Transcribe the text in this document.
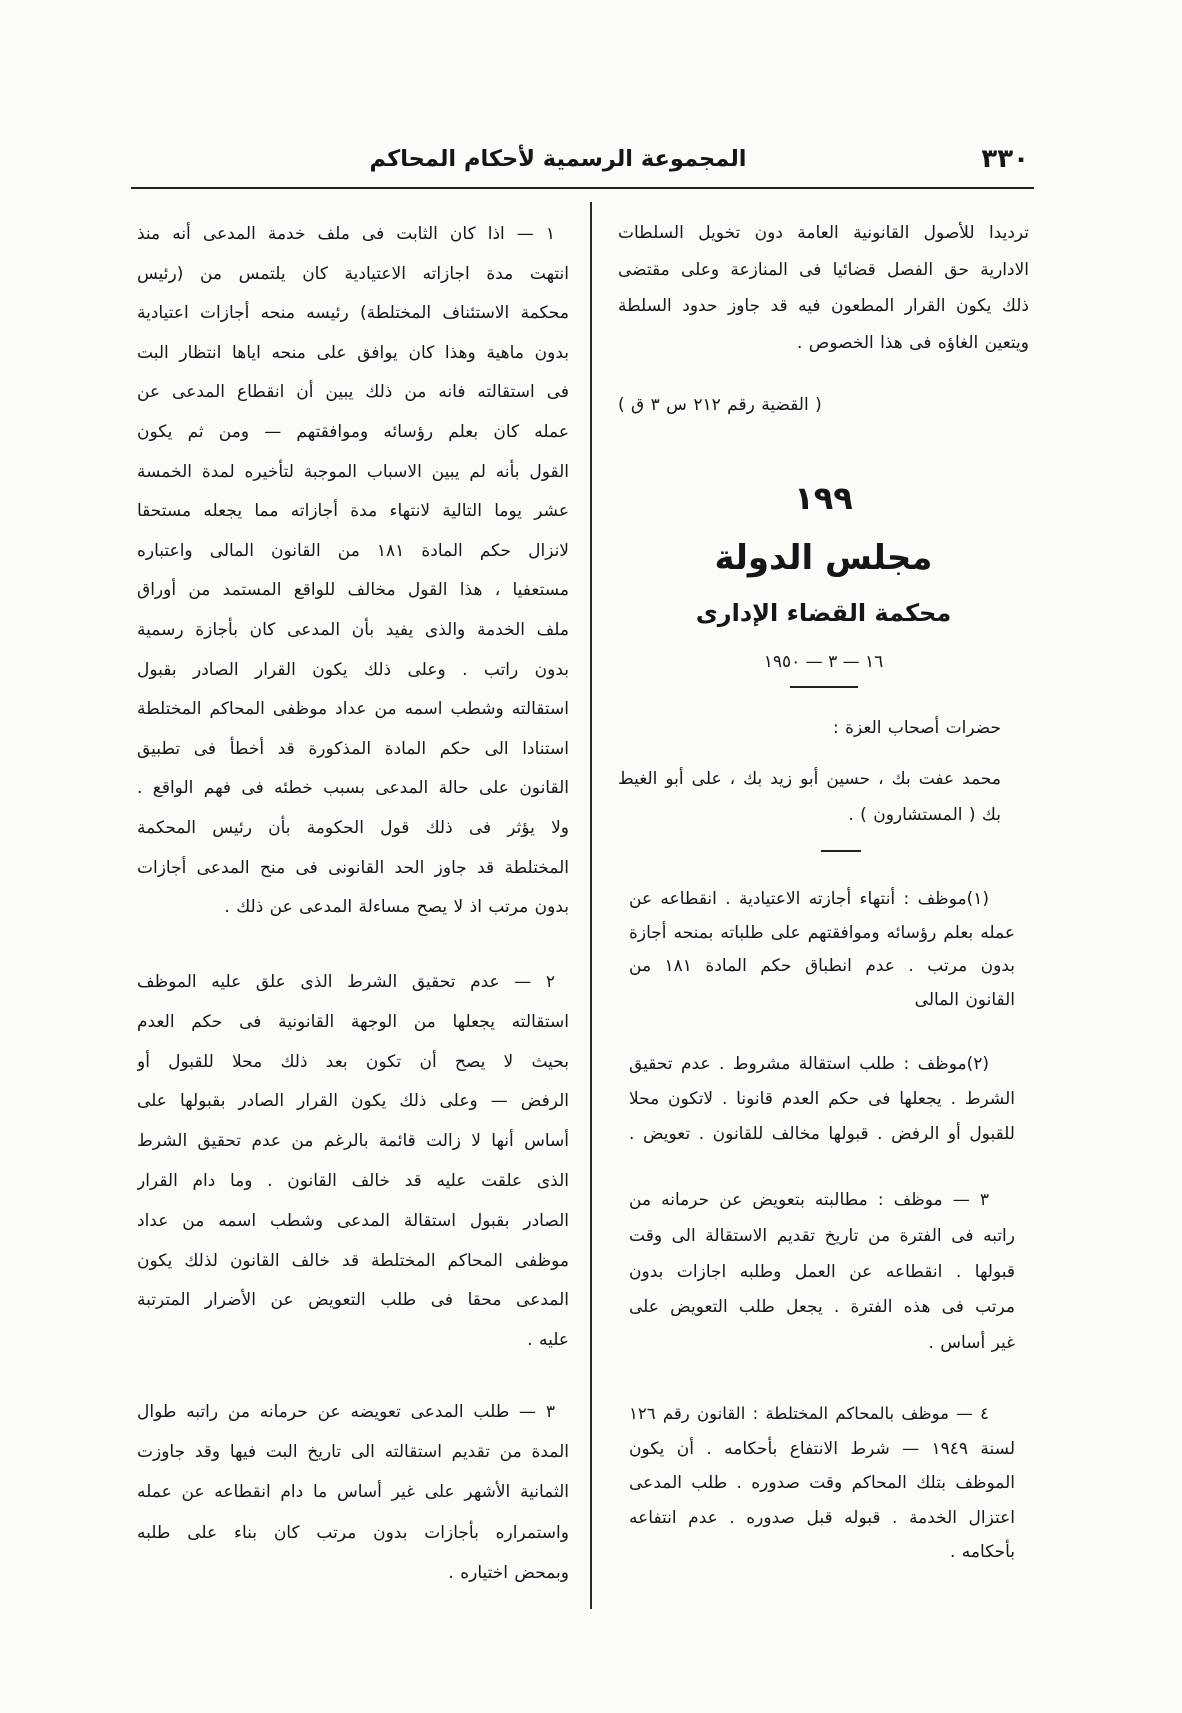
٣٣٠
المجموعة الرسمية لأحكام المحاكم
ترديدا للأصول القانونية العامة دون تخويل السلطات
الادارية حق الفصل قضائيا فى المنازعة وعلى مقتضى
ذلك يكون القرار المطعون فيه قد جاوز حدود السلطة
ويتعين الغاؤه فى هذا الخصوص .
( القضية رقم ٢١٢ س ٣ ق )
١٩٩
مجلس الدولة
محكمة القضاء الإدارى
١٦ — ٣ — ١٩٥٠
حضرات أصحاب العزة :
محمد عفت بك ، حسين أبو زيد بك ، على أبو الغيط
بك ( المستشارون ) .
(١)موظف : أنتهاء أجازته الاعتيادية . انقطاعه عن
عمله بعلم رؤسائه وموافقتهم على طلباته بمنحه أجازة
بدون مرتب . عدم انطباق حكم المادة ١٨١ من
القانون المالى
(٢)موظف : طلب استقالة مشروط . عدم تحقيق
الشرط . يجعلها فى حكم العدم قانونا . لاتكون محلا
للقبول أو الرفض . قبولها مخالف للقانون . تعويض .
٣ — موظف : مطالبته بتعويض عن حرمانه من
راتبه فى الفترة من تاريخ تقديم الاستقالة الى وقت
قبولها . انقطاعه عن العمل وطلبه اجازات بدون
مرتب فى هذه الفترة . يجعل طلب التعويض على
غير أساس .
٤ — موظف بالمحاكم المختلطة : القانون رقم ١٢٦
لسنة ١٩٤٩ — شرط الانتفاع بأحكامه . أن يكون
الموظف بتلك المحاكم وقت صدوره . طلب المدعى
اعتزال الخدمة . قبوله قبل صدوره . عدم انتفاعه
بأحكامه .
١ — اذا كان الثابت فى ملف خدمة المدعى أنه منذ
انتهت مدة اجازاته الاعتيادية كان يلتمس من (رئيس
محكمة الاستئناف المختلطة) رئيسه منحه أجازات اعتيادية
بدون ماهية وهذا كان يوافق على منحه اياها انتظار البت
فى استقالته فانه من ذلك يبين أن انقطاع المدعى عن
عمله كان بعلم رؤسائه وموافقتهم — ومن ثم يكون
القول بأنه لم يبين الاسباب الموجبة لتأخيره لمدة الخمسة
عشر يوما التالية لانتهاء مدة أجازاته مما يجعله مستحقا
لانزال حكم المادة ١٨١ من القانون المالى واعتباره
مستعفيا ، هذا القول مخالف للواقع المستمد من أوراق
ملف الخدمة والذى يفيد بأن المدعى كان بأجازة رسمية
بدون راتب . وعلى ذلك يكون القرار الصادر بقبول
استقالته وشطب اسمه من عداد موظفى المحاكم المختلطة
استنادا الى حكم المادة المذكورة قد أخطأ فى تطبيق
القانون على حالة المدعى بسبب خطئه فى فهم الواقع .
ولا يؤثر فى ذلك قول الحكومة بأن رئيس المحكمة
المختلطة قد جاوز الحد القانونى فى منح المدعى أجازات
بدون مرتب اذ لا يصح مساءلة المدعى عن ذلك .
٢ — عدم تحقيق الشرط الذى علق عليه الموظف
استقالته يجعلها من الوجهة القانونية فى حكم العدم
بحيث لا يصح أن تكون بعد ذلك محلا للقبول أو
الرفض — وعلى ذلك يكون القرار الصادر بقبولها على
أساس أنها لا زالت قائمة بالرغم من عدم تحقيق الشرط
الذى علقت عليه قد خالف القانون . وما دام القرار
الصادر بقبول استقالة المدعى وشطب اسمه من عداد
موظفى المحاكم المختلطة قد خالف القانون لذلك يكون
المدعى محقا فى طلب التعويض عن الأضرار المترتبة
عليه .
٣ — طلب المدعى تعويضه عن حرمانه من راتبه طوال
المدة من تقديم استقالته الى تاريخ البت فيها وقد جاوزت
الثمانية الأشهر على غير أساس ما دام انقطاعه عن عمله
واستمراره بأجازات بدون مرتب كان بناء على طلبه
وبمحض اختياره .
